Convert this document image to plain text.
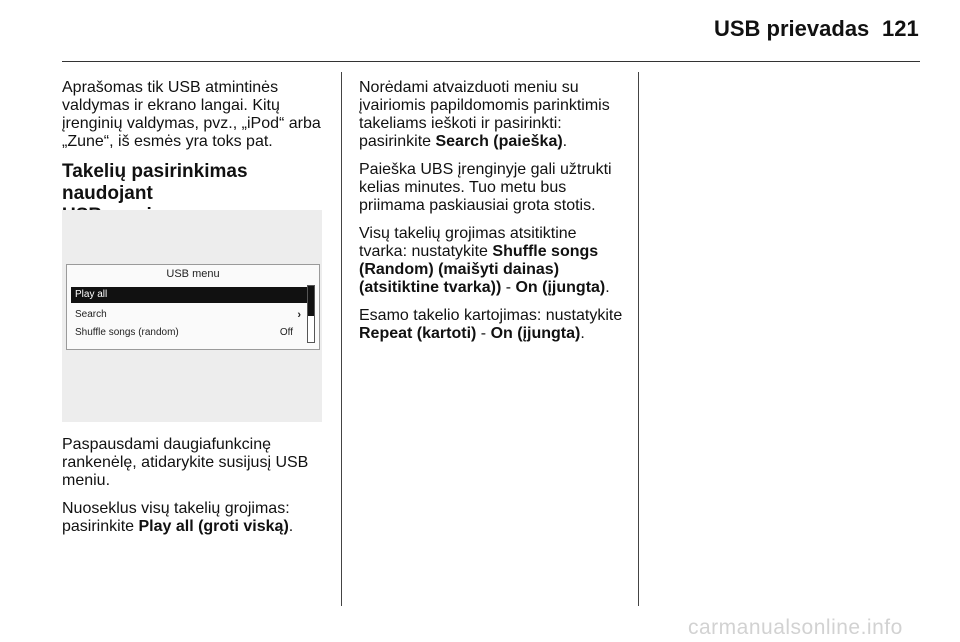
USB prievadas 121

Aprašomas tik USB atmintinės valdymas ir ekrano langai. Kitų įrenginių valdymas, pvz., „iPod“ arba „Zune“, iš esmės yra toks pat.

Takelių pasirinkimas naudojant

USB menu
Play all
Search	›
Shuffle songs (random)	Off

Paspausdami daugiafunkcinę rankenėlę, atidarykite susijusį USB meniu.

Nuoseklus visų takelių grojimas: pasirinkite Play all (groti viską).

Norėdami atvaizduoti meniu su įvairiomis papildomomis parinktimis takeliams ieškoti ir pasirinkti: pasirinkite Search (paieška).

Paieška UBS įrenginyje gali užtrukti kelias minutes. Tuo metu bus priimama paskiausiai grota stotis.

Visų takelių grojimas atsitiktine tvarka: nustatykite Shuffle songs (Random) (maišyti dainas) (atsitiktine tvarka)) - On (įjungta).

Esamo takelio kartojimas: nustatykite Repeat (kartoti) - On (įjungta).

carmanualsonline.info
